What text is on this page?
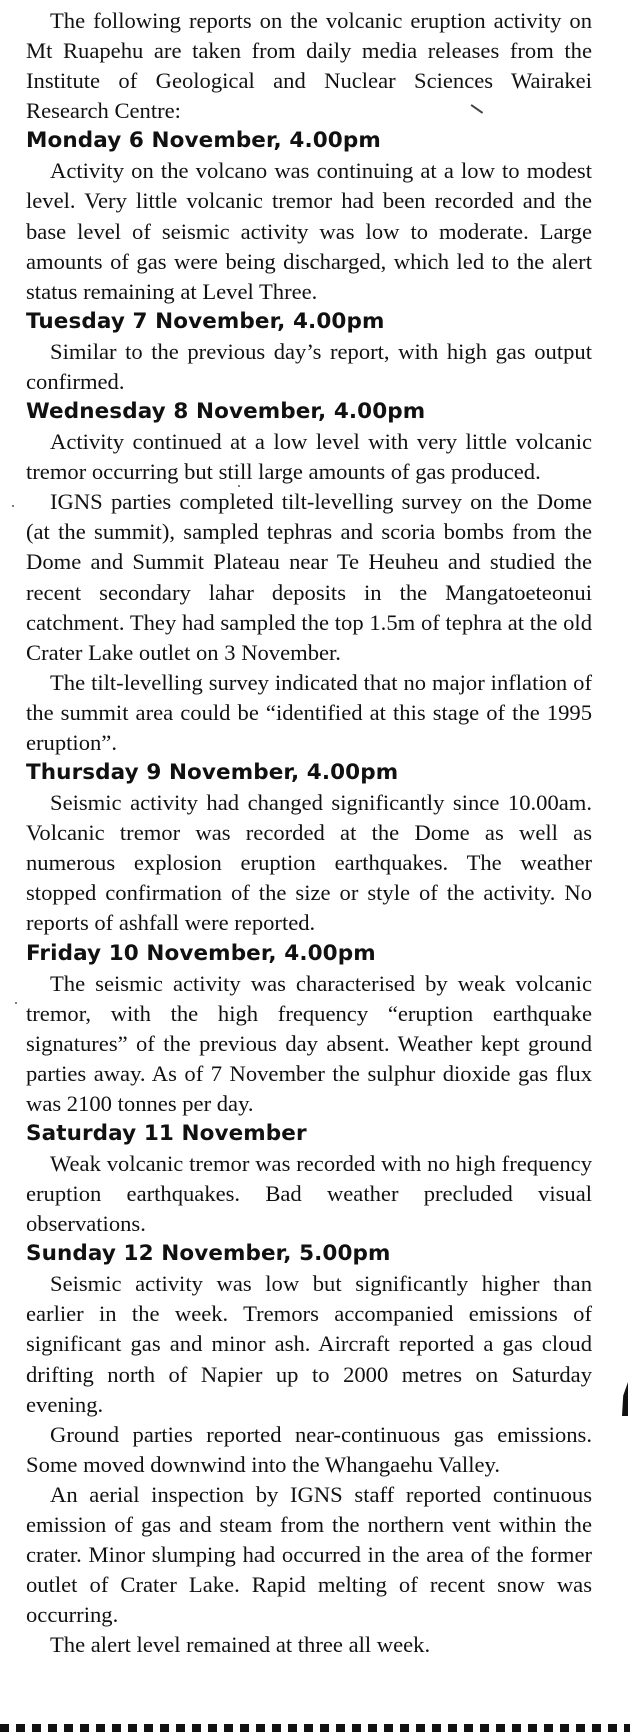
The following reports on the volcanic eruption activity on Mt Ruapehu are taken from daily media releases from the Institute of Geological and Nuclear Sciences Wairakei Research Centre:

Monday 6 November, 4.00pm

Activity on the volcano was continuing at a low to modest level. Very little volcanic tremor had been recorded and the base level of seismic activity was low to moderate. Large amounts of gas were being discharged, which led to the alert status remaining at Level Three.

Tuesday 7 November, 4.00pm

Similar to the previous day’s report, with high gas output confirmed.

Wednesday 8 November, 4.00pm

Activity continued at a low level with very little volcanic tremor occurring but still large amounts of gas produced.

IGNS parties completed tilt-levelling survey on the Dome (at the summit), sampled tephras and scoria bombs from the Dome and Summit Plateau near Te Heuheu and studied the recent secondary lahar deposits in the Mangatoeteonui catchment. They had sampled the top 1.5m of tephra at the old Crater Lake outlet on 3 November.

The tilt-levelling survey indicated that no major inflation of the summit area could be “identified at this stage of the 1995 eruption”.

Thursday 9 November, 4.00pm

Seismic activity had changed significantly since 10.00am. Volcanic tremor was recorded at the Dome as well as numerous explosion eruption earthquakes. The weather stopped confirmation of the size or style of the activity. No reports of ashfall were reported.

Friday 10 November, 4.00pm

The seismic activity was characterised by weak volcanic tremor, with the high frequency “eruption earthquake signatures” of the previous day absent. Weather kept ground parties away. As of 7 November the sulphur dioxide gas flux was 2100 tonnes per day.

Saturday 11 November

Weak volcanic tremor was recorded with no high frequency eruption earthquakes. Bad weather precluded visual observations.

Sunday 12 November, 5.00pm

Seismic activity was low but significantly higher than earlier in the week. Tremors accompanied emissions of significant gas and minor ash. Aircraft reported a gas cloud drifting north of Napier up to 2000 metres on Saturday evening.

Ground parties reported near-continuous gas emissions. Some moved downwind into the Whangaehu Valley.

An aerial inspection by IGNS staff reported continuous emission of gas and steam from the northern vent within the crater. Minor slumping had occurred in the area of the former outlet of Crater Lake. Rapid melting of recent snow was occurring.

The alert level remained at three all week.
